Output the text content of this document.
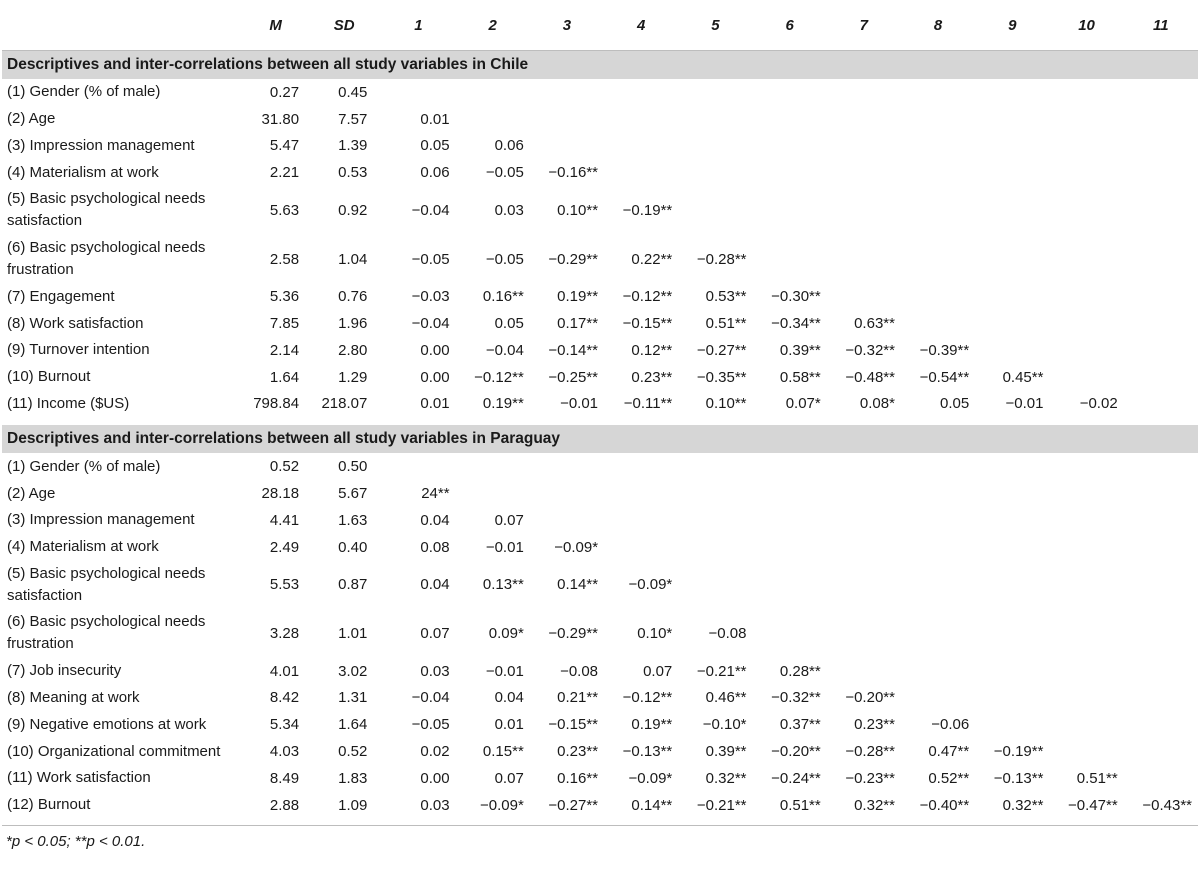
	M	SD	1	2	3	4	5	6	7	8	9	10	11
Descriptives and inter-correlations between all study variables in Chile													
(1) Gender (% of male)	0.27	0.45											
(2) Age	31.80	7.57	0.01										
(3) Impression management	5.47	1.39	0.05	0.06									
(4) Materialism at work	2.21	0.53	0.06	−0.05	−0.16**								
(5) Basic psychological needs satisfaction	5.63	0.92	−0.04	0.03	0.10**	−0.19**							
(6) Basic psychological needs frustration	2.58	1.04	−0.05	−0.05	−0.29**	0.22**	−0.28**						
(7) Engagement	5.36	0.76	−0.03	0.16**	0.19**	−0.12**	0.53**	−0.30**					
(8) Work satisfaction	7.85	1.96	−0.04	0.05	0.17**	−0.15**	0.51**	−0.34**	0.63**				
(9) Turnover intention	2.14	2.80	0.00	−0.04	−0.14**	0.12**	−0.27**	0.39**	−0.32**	−0.39**			
(10) Burnout	1.64	1.29	0.00	−0.12**	−0.25**	0.23**	−0.35**	0.58**	−0.48**	−0.54**	0.45**		
(11) Income ($US)	798.84	218.07	0.01	0.19**	−0.01	−0.11**	0.10**	0.07*	0.08*	0.05	−0.01	−0.02	

Descriptives and inter-correlations between all study variables in Paraguay													
(1) Gender (% of male)	0.52	0.50											
(2) Age	28.18	5.67	24**										
(3) Impression management	4.41	1.63	0.04	0.07									
(4) Materialism at work	2.49	0.40	0.08	−0.01	−0.09*								
(5) Basic psychological needs satisfaction	5.53	0.87	0.04	0.13**	0.14**	−0.09*							
(6) Basic psychological needs frustration	3.28	1.01	0.07	0.09*	−0.29**	0.10*	−0.08						
(7) Job insecurity	4.01	3.02	0.03	−0.01	−0.08	0.07	−0.21**	0.28**					
(8) Meaning at work	8.42	1.31	−0.04	0.04	0.21**	−0.12**	0.46**	−0.32**	−0.20**				
(9) Negative emotions at work	5.34	1.64	−0.05	0.01	−0.15**	0.19**	−0.10*	0.37**	0.23**	−0.06			
(10) Organizational commitment	4.03	0.52	0.02	0.15**	0.23**	−0.13**	0.39**	−0.20**	−0.28**	0.47**	−0.19**		
(11) Work satisfaction	8.49	1.83	0.00	0.07	0.16**	−0.09*	0.32**	−0.24**	−0.23**	0.52**	−0.13**	0.51**	
(12) Burnout	2.88	1.09	0.03	−0.09*	−0.27**	0.14**	−0.21**	0.51**	0.32**	−0.40**	0.32**	−0.47**	−0.43**

*p < 0.05; **p < 0.01.
